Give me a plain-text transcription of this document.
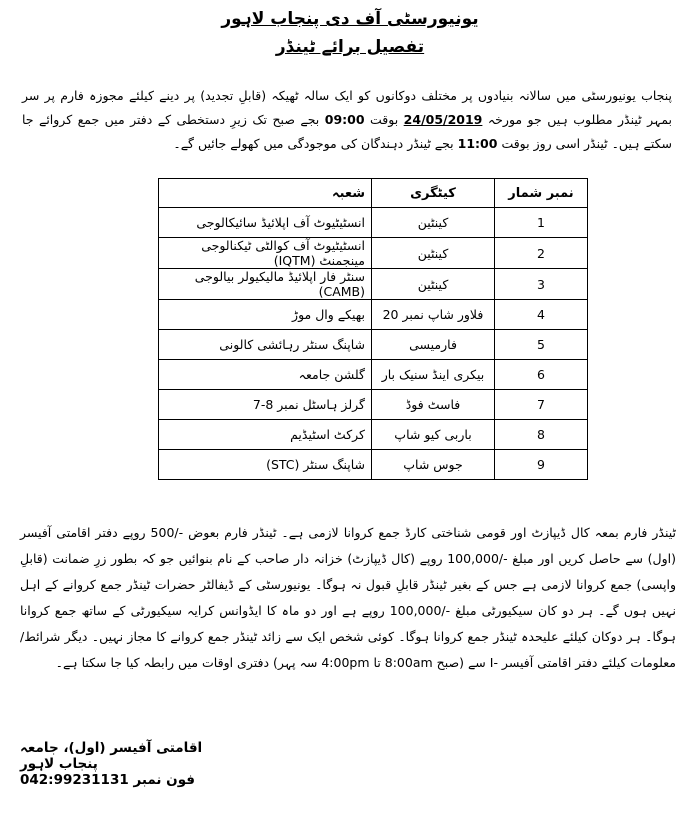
یونیورسٹی آف دی پنجاب لاہور
تفصیل برائے ٹینڈر
پنجاب یونیورسٹی میں سالانہ بنیادوں پر مختلف دوکانوں کو ایک سالہ ٹھیکہ (قابلِ تجدید) پر دینے کیلئے مجوزہ فارم پر سر بمہر ٹینڈر مطلوب ہیں جو مورخہ 24/05/2019 بوقت 09:00 بجے صبح تک زیرِ دستخطی کے دفتر میں جمع کروائے جا سکتے ہیں۔ ٹینڈر اسی روز بوقت 11:00 بجے ٹینڈر دہندگان کی موجودگی میں کھولے جائیں گے۔
نمبر شمار	کیٹگری	شعبہ
1	کینٹین	انسٹیٹیوٹ آف اپلائیڈ سائیکالوجی
2	کینٹین	انسٹیٹیوٹ آف کوالٹی ٹیکنالوجی مینجمنٹ (IQTM)
3	کینٹین	سنٹر فار اپلائیڈ مالیکیولر بیالوجی (CAMB)
4	فلاور شاپ نمبر 20	بھیکے وال موڑ
5	فارمیسی	شاپنگ سنٹر رہائشی کالونی
6	بیکری اینڈ سنیک بار	گلشن جامعہ
7	فاسٹ فوڈ	گرلز ہاسٹل نمبر 8-7
8	باربی کیو شاپ	کرکٹ اسٹیڈیم
9	جوس شاپ	شاپنگ سنٹر (STC)
ٹینڈر فارم بمعہ کال ڈیپازٹ اور قومی شناختی کارڈ جمع کروانا لازمی ہے۔ ٹینڈر فارم بعوض -/500 روپے دفتر اقامتی آفیسر (اول) سے حاصل کریں اور مبلغ -/100,000 روپے (کال ڈیپازٹ) خزانہ دار صاحب کے نام بنوائیں جو کہ بطور زرِ ضمانت (قابلِ واپسی) جمع کروانا لازمی ہے جس کے بغیر ٹینڈر قابلِ قبول نہ ہوگا۔ یونیورسٹی کے ڈیفالٹر حضرات ٹینڈر جمع کروانے کے اہل نہیں ہوں گے۔ ہر دو کان سیکیورٹی مبلغ -/100,000 روپے ہے اور دو ماہ کا ایڈوانس کرایہ سیکیورٹی کے ساتھ جمع کروانا ہوگا۔ ہر دوکان کیلئے علیحدہ ٹینڈر جمع کروانا ہوگا۔ کوئی شخص ایک سے زائد ٹینڈر جمع کروانے کا مجاز نہیں۔ دیگر شرائط/معلومات کیلئے دفتر اقامتی آفیسر -I سے (صبح 8:00am تا 4:00pm سہ پہر) دفتری اوقات میں رابطہ کیا جا سکتا ہے۔
اقامتی آفیسر (اول)، جامعہ پنجاب لاہور
فون نمبر 042:99231131
